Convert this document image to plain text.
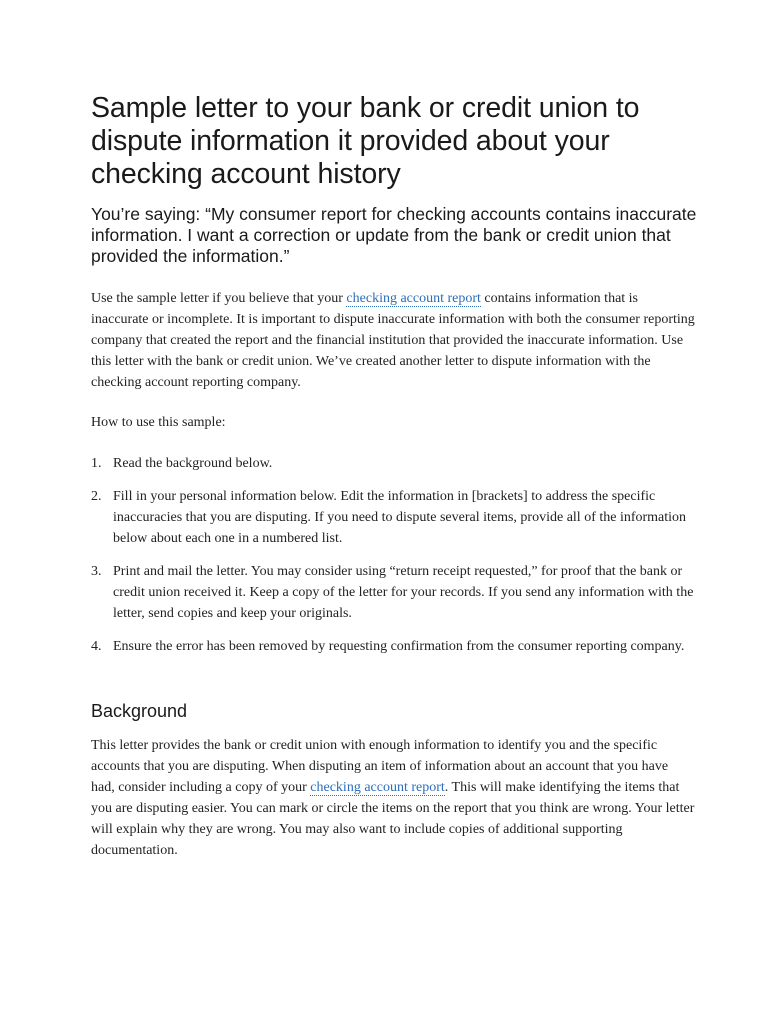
Sample letter to your bank or credit union to dispute information it provided about your checking account history

You’re saying: “My consumer report for checking accounts contains inaccurate information. I want a correction or update from the bank or credit union that provided the information.”

Use the sample letter if you believe that your checking account report contains information that is inaccurate or incomplete. It is important to dispute inaccurate information with both the consumer reporting company that created the report and the financial institution that provided the inaccurate information. Use this letter with the bank or credit union. We’ve created another letter to dispute information with the checking account reporting company.

How to use this sample:

1. Read the background below.
2. Fill in your personal information below. Edit the information in [brackets] to address the specific inaccuracies that you are disputing. If you need to dispute several items, provide all of the information below about each one in a numbered list.
3. Print and mail the letter. You may consider using “return receipt requested,” for proof that the bank or credit union received it. Keep a copy of the letter for your records. If you send any information with the letter, send copies and keep your originals.
4. Ensure the error has been removed by requesting confirmation from the consumer reporting company.
Background

This letter provides the bank or credit union with enough information to identify you and the specific accounts that you are disputing. When disputing an item of information about an account that you have had, consider including a copy of your checking account report. This will make identifying the items that you are disputing easier. You can mark or circle the items on the report that you think are wrong. Your letter will explain why they are wrong. You may also want to include copies of additional supporting documentation.
